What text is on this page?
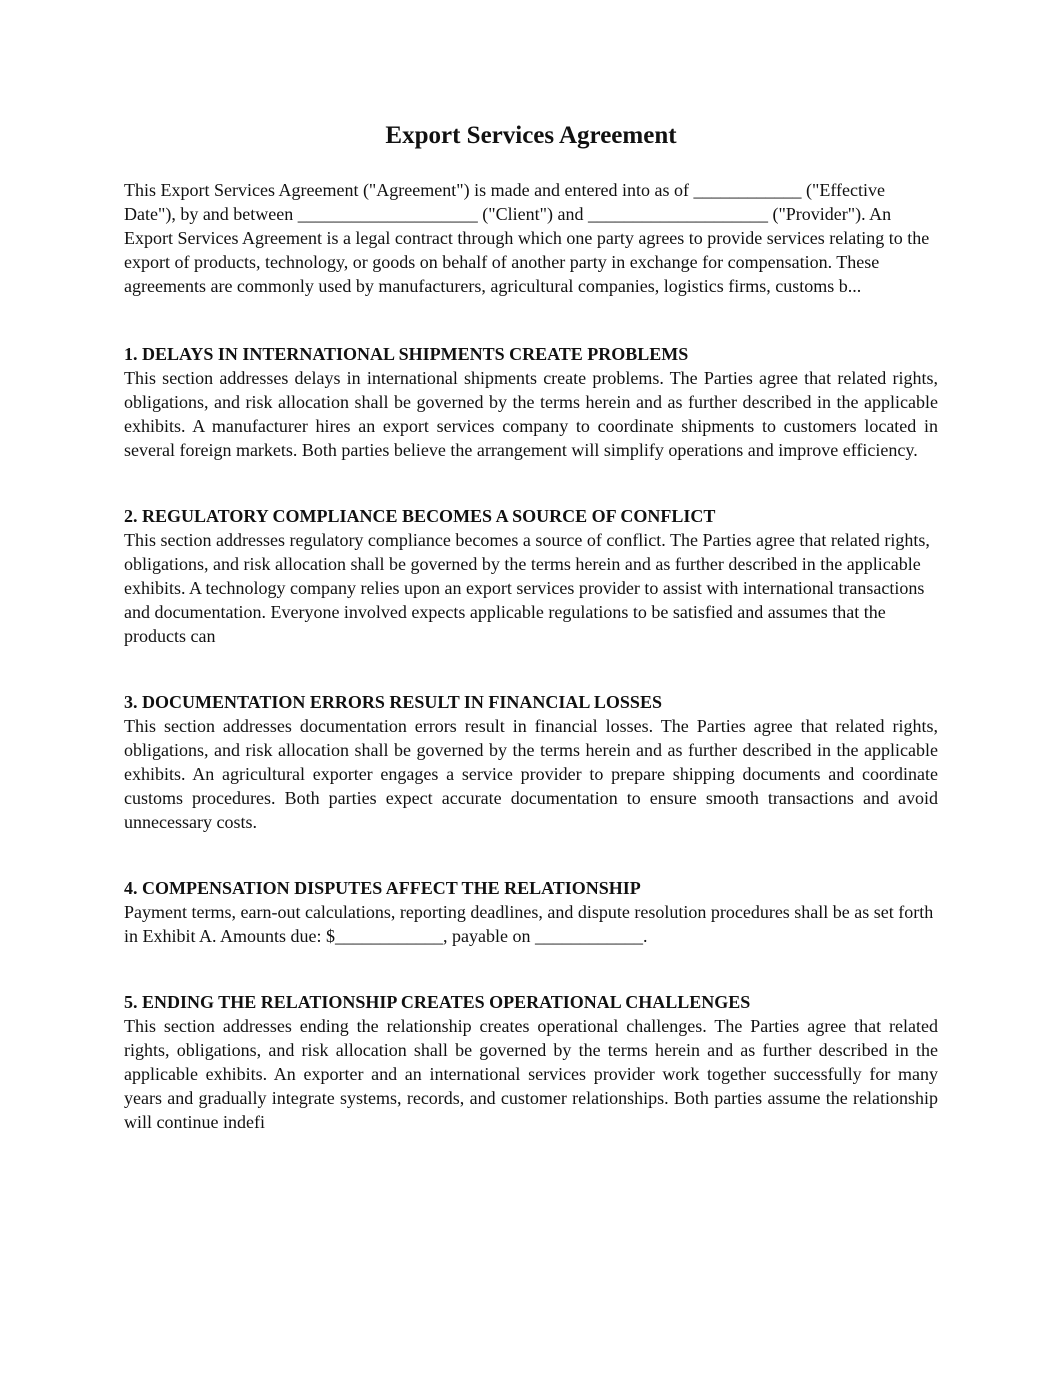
Export Services Agreement

This Export Services Agreement ("Agreement") is made and entered into as of ____________ ("Effective Date"), by and between ____________________ ("Client") and ____________________ ("Provider"). An Export Services Agreement is a legal contract through which one party agrees to provide services relating to the export of products, technology, or goods on behalf of another party in exchange for compensation. These agreements are commonly used by manufacturers, agricultural companies, logistics firms, customs b...

1. DELAYS IN INTERNATIONAL SHIPMENTS CREATE PROBLEMS

This section addresses delays in international shipments create problems. The Parties agree that related rights, obligations, and risk allocation shall be governed by the terms herein and as further described in the applicable exhibits. A manufacturer hires an export services company to coordinate shipments to customers located in several foreign markets. Both parties believe the arrangement will simplify operations and improve efficiency.

2. REGULATORY COMPLIANCE BECOMES A SOURCE OF CONFLICT

This section addresses regulatory compliance becomes a source of conflict. The Parties agree that related rights, obligations, and risk allocation shall be governed by the terms herein and as further described in the applicable exhibits. A technology company relies upon an export services provider to assist with international transactions and documentation. Everyone involved expects applicable regulations to be satisfied and assumes that the products can

3. DOCUMENTATION ERRORS RESULT IN FINANCIAL LOSSES

This section addresses documentation errors result in financial losses. The Parties agree that related rights, obligations, and risk allocation shall be governed by the terms herein and as further described in the applicable exhibits. An agricultural exporter engages a service provider to prepare shipping documents and coordinate customs procedures. Both parties expect accurate documentation to ensure smooth transactions and avoid unnecessary costs.

4. COMPENSATION DISPUTES AFFECT THE RELATIONSHIP

Payment terms, earn-out calculations, reporting deadlines, and dispute resolution procedures shall be as set forth in Exhibit A. Amounts due: $____________, payable on ____________.

5. ENDING THE RELATIONSHIP CREATES OPERATIONAL CHALLENGES

This section addresses ending the relationship creates operational challenges. The Parties agree that related rights, obligations, and risk allocation shall be governed by the terms herein and as further described in the applicable exhibits. An exporter and an international services provider work together successfully for many years and gradually integrate systems, records, and customer relationships. Both parties assume the relationship will continue indefi
